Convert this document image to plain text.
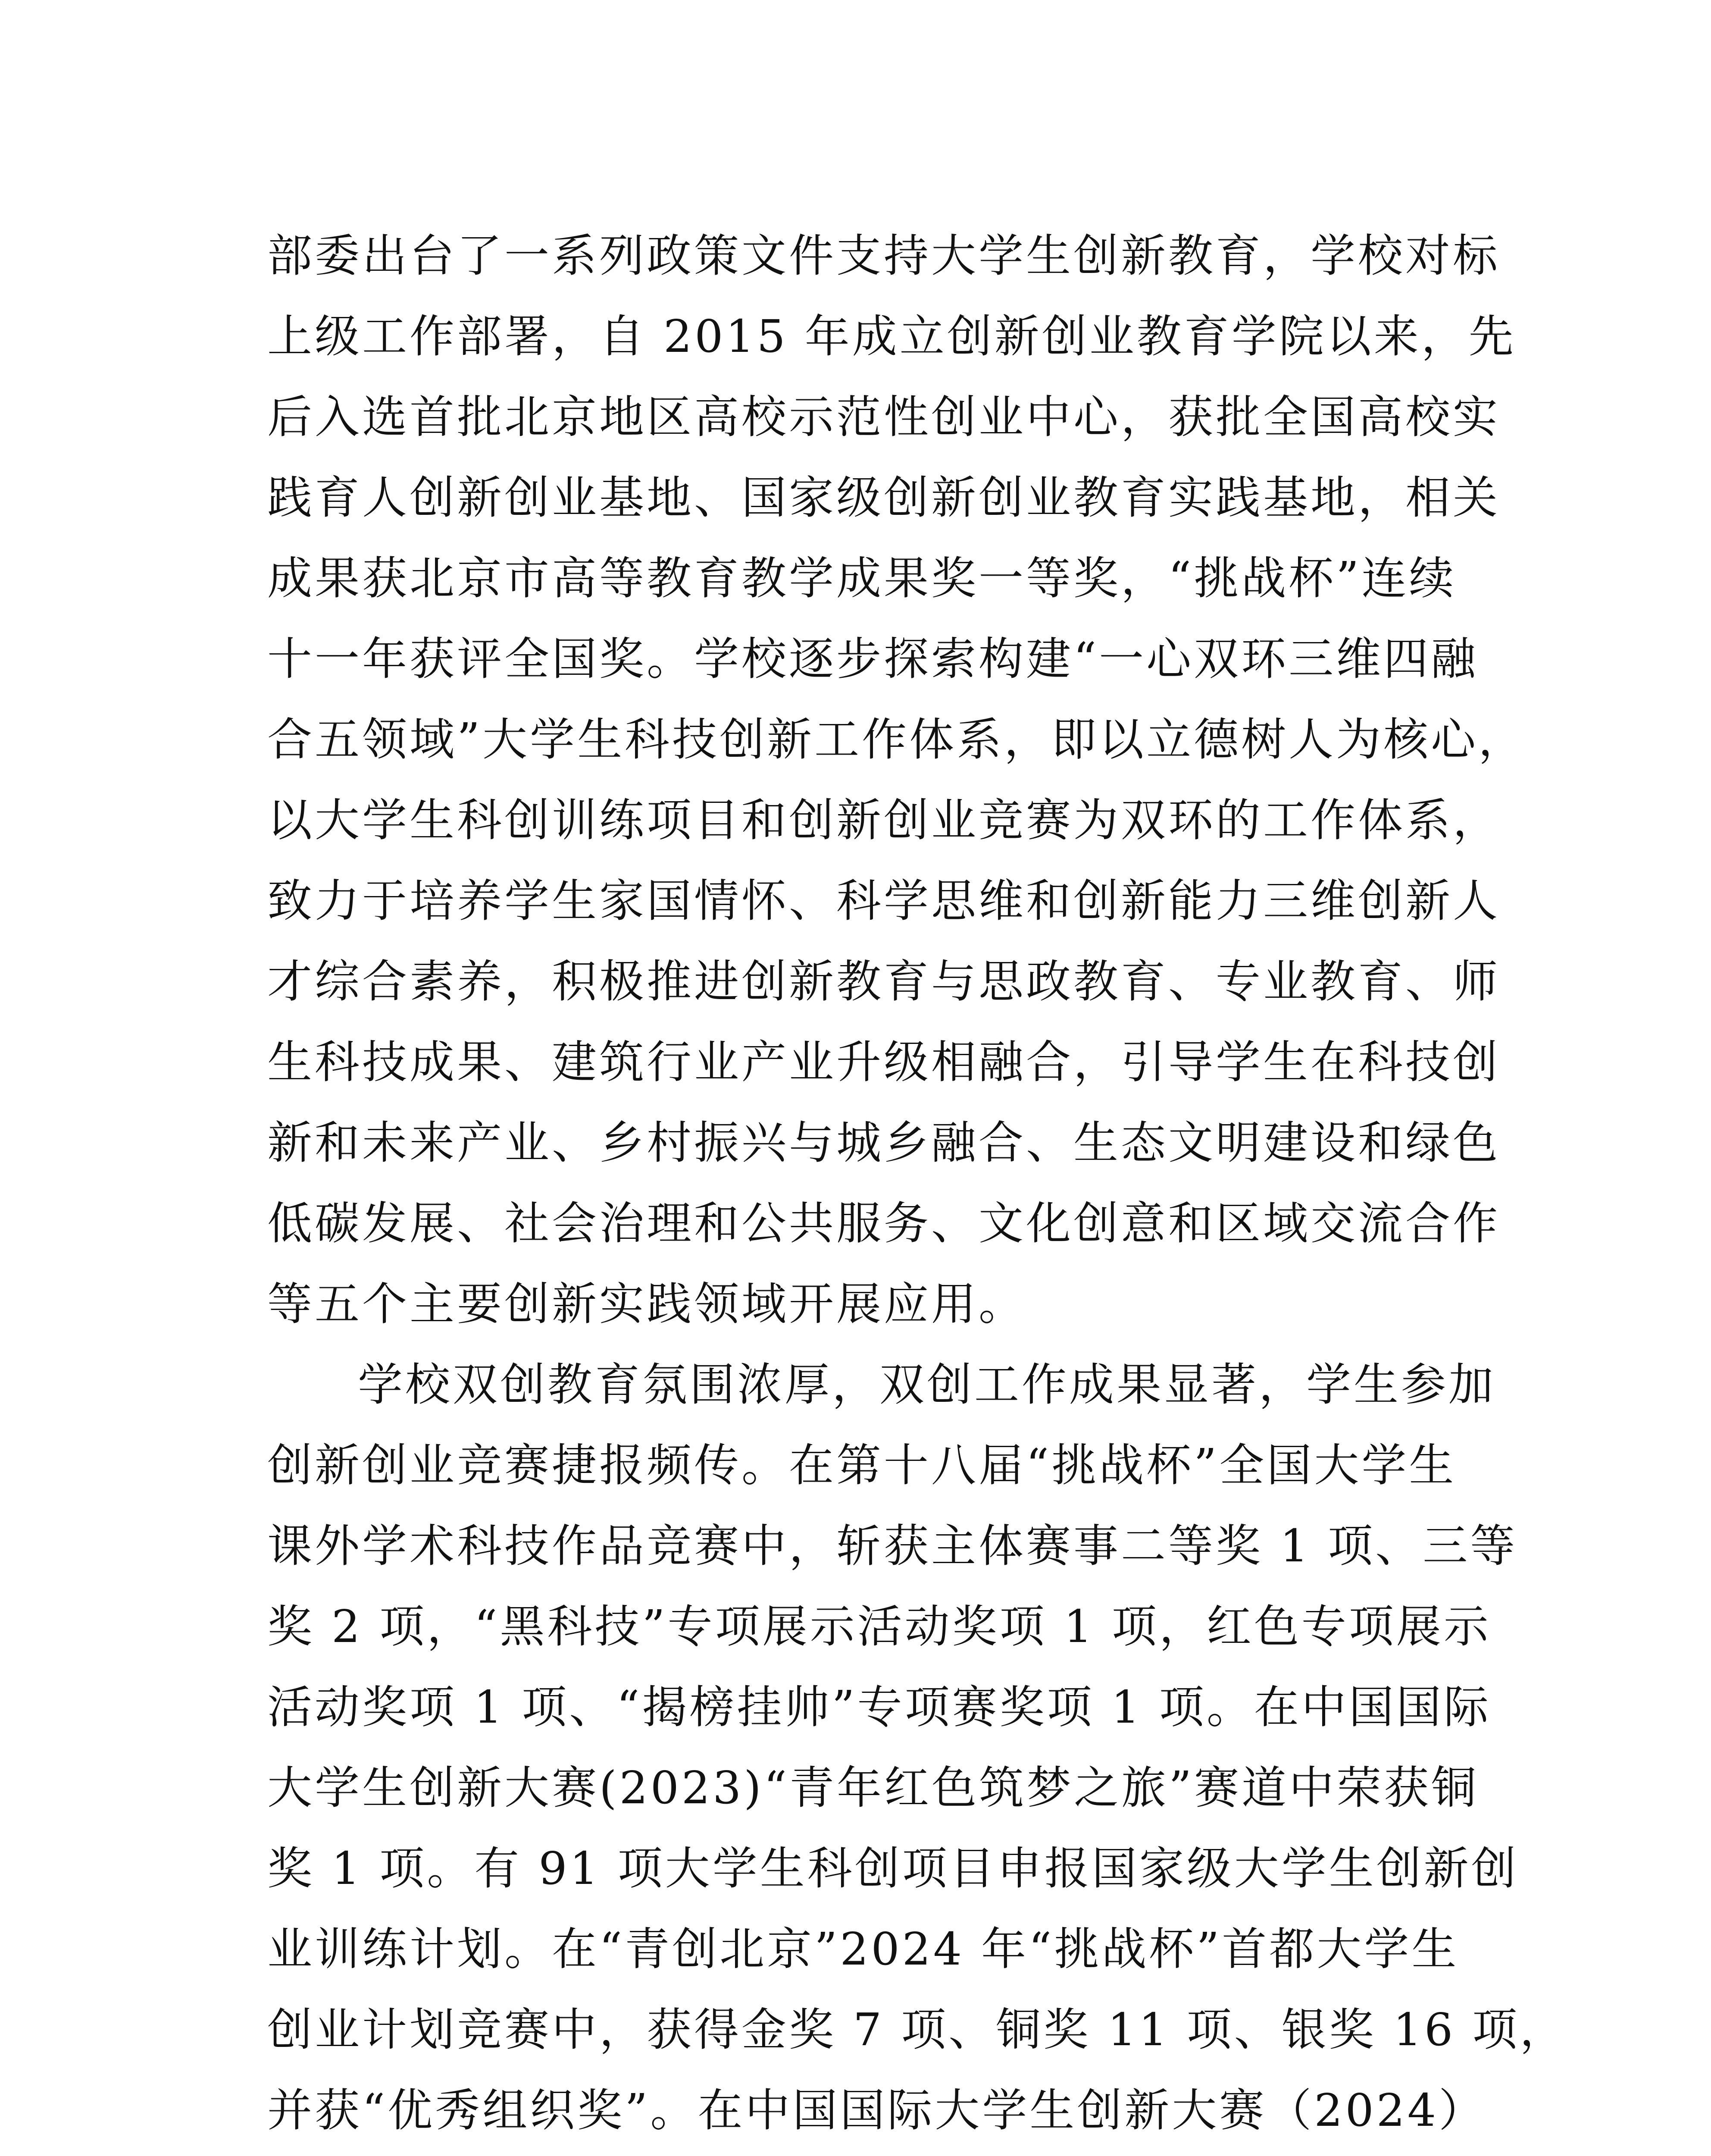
部委出台了一系列政策文件支持大学生创新教育，学校对标
上级工作部署，自 2015 年成立创新创业教育学院以来，先
后入选首批北京地区高校示范性创业中心，获批全国高校实
践育人创新创业基地、国家级创新创业教育实践基地，相关
成果获北京市高等教育教学成果奖一等奖，“挑战杯”连续
十一年获评全国奖。学校逐步探索构建“一心双环三维四融
合五领域”大学生科技创新工作体系，即以立德树人为核心，
以大学生科创训练项目和创新创业竞赛为双环的工作体系，
致力于培养学生家国情怀、科学思维和创新能力三维创新人
才综合素养，积极推进创新教育与思政教育、专业教育、师
生科技成果、建筑行业产业升级相融合，引导学生在科技创
新和未来产业、乡村振兴与城乡融合、生态文明建设和绿色
低碳发展、社会治理和公共服务、文化创意和区域交流合作
等五个主要创新实践领域开展应用。
学校双创教育氛围浓厚，双创工作成果显著，学生参加
创新创业竞赛捷报频传。在第十八届“挑战杯”全国大学生
课外学术科技作品竞赛中，斩获主体赛事二等奖 1 项、三等
奖 2 项，“黑科技”专项展示活动奖项 1 项，红色专项展示
活动奖项 1 项、“揭榜挂帅”专项赛奖项 1 项。在中国国际
大学生创新大赛(2023)“青年红色筑梦之旅”赛道中荣获铜
奖 1 项。有 91 项大学生科创项目申报国家级大学生创新创
业训练计划。在“青创北京”2024 年“挑战杯”首都大学生
创业计划竞赛中，获得金奖 7 项、铜奖 11 项、银奖 16 项，
并获“优秀组织奖”。在中国国际大学生创新大赛（2024）
